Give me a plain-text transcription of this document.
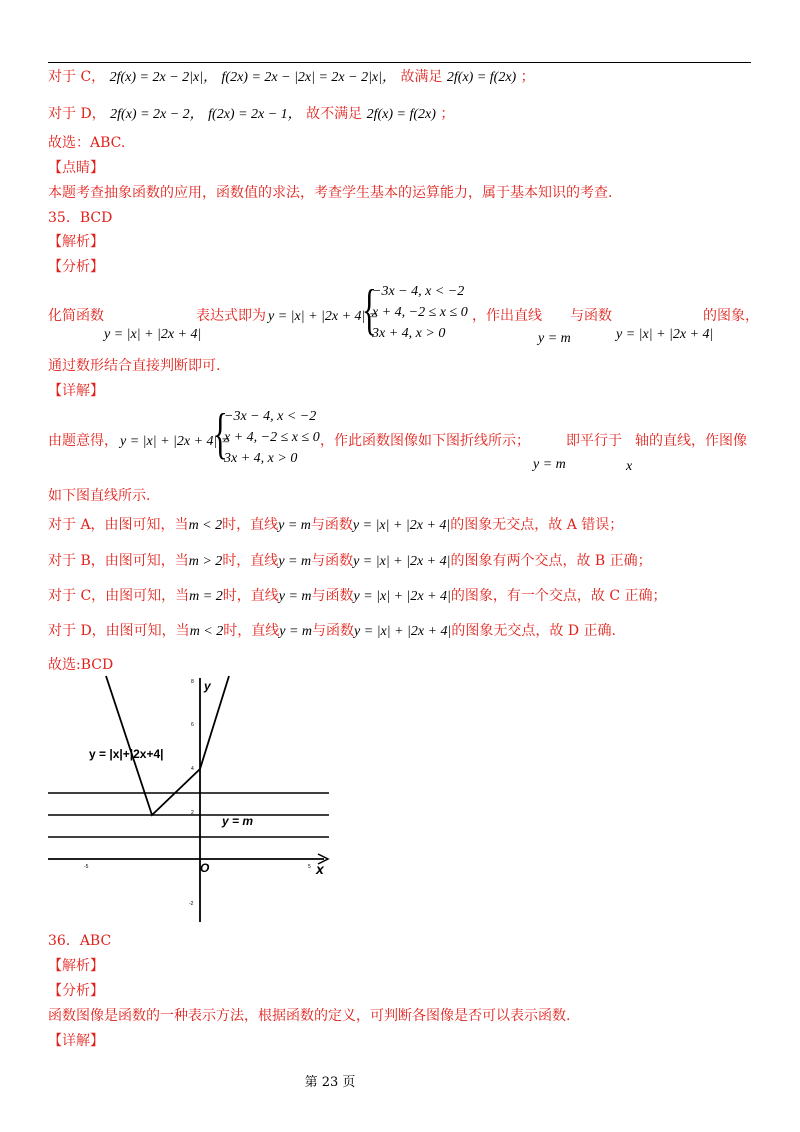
对于 C， 2f(x) = 2x − 2|x|， f(2x) = 2x − |2x| = 2x − 2|x|， 故满足 2f(x) = f(2x) ；
对于 D， 2f(x) = 2x − 2， f(2x) = 2x − 1， 故不满足 2f(x) = f(2x) ；
故选：ABC.
【点睛】
本题考查抽象函数的应用，函数值的求法，考查学生基本的运算能力，属于基本知识的考查.
35．BCD
【解析】
【分析】
化简函数
y = |x| + |2x + 4|
表达式即为 y = |x| + |2x + 4| =
{
−3x − 4, x < −2
x + 4, −2 ≤ x ≤ 0
3x + 4, x > 0
，作出直线
y = m
与函数
y = |x| + |2x + 4|
的图象，
通过数形结合直接判断即可.
【详解】
由题意得， y = |x| + |2x + 4| =
{
−3x − 4, x < −2
x + 4, −2 ≤ x ≤ 0
3x + 4, x > 0
，作此函数图像如下图折线所示；
y = m
即平行于
x
轴的直线，作图像
如下图直线所示.
对于 A，由图可知，当m < 2时，直线y = m与函数y = |x| + |2x + 4|的图象无交点，故 A 错误；
对于 B，由图可知，当m > 2时，直线y = m与函数y = |x| + |2x + 4|的图象有两个交点，故 B 正确；
对于 C，由图可知，当m = 2时，直线y = m与函数y = |x| + |2x + 4|的图象，有一个交点，故 C 正确；
对于 D，由图可知，当m < 2时，直线y = m与函数y = |x| + |2x + 4|的图象无交点，故 D 正确.
故选:BCD
8
6
4
2
-2
-5	5
y
x
O
y = |x|+|2x+4|
y = m
36．ABC
【解析】
【分析】
函数图像是函数的一种表示方法，根据函数的定义，可判断各图像是否可以表示函数.
【详解】
第 23 页
